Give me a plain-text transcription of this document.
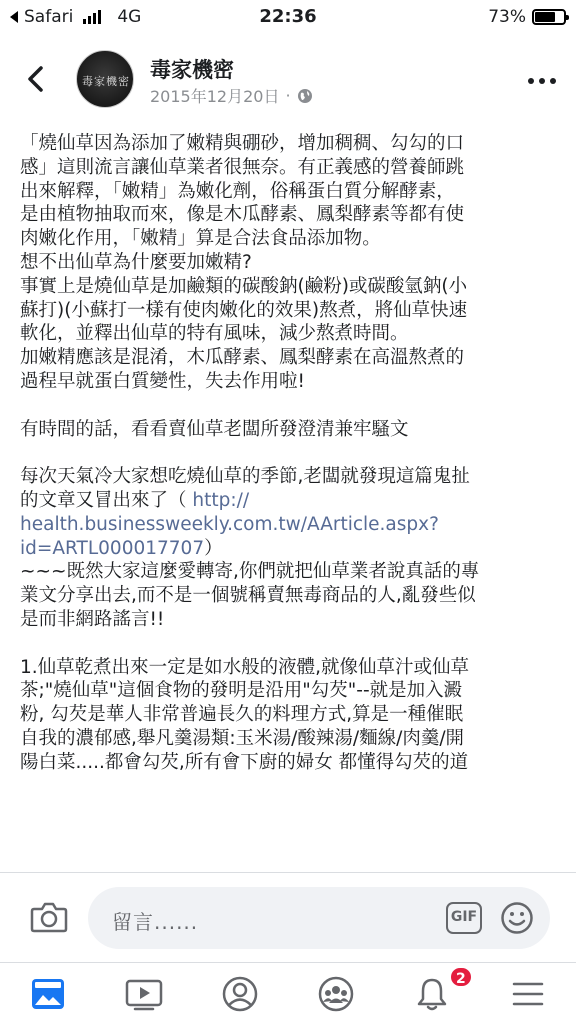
Safari	4G	22:36	73%
毒家機密 毒家機密
2015年12月20日 ·

「燒仙草因為添加了嫩精與硼砂，增加稠稠、勾勾的口

感」這則流言讓仙草業者很無奈。有正義感的營養師跳

出來解釋，「嫩精」為嫩化劑，俗稱蛋白質分解酵素，

是由植物抽取而來，像是木瓜酵素、鳳梨酵素等都有使

肉嫩化作用，「嫩精」算是合法食品添加物。

想不出仙草為什麼要加嫩精?

事實上是燒仙草是加鹼類的碳酸鈉(鹼粉)或碳酸氫鈉(小

蘇打)(小蘇打一樣有使肉嫩化的效果)熬煮，將仙草快速

軟化，並釋出仙草的特有風味，減少熬煮時間。

加嫩精應該是混淆，木瓜酵素、鳳梨酵素在高溫熬煮的

過程早就蛋白質變性，失去作用啦!

有時間的話，看看賣仙草老闆所發澄清兼牢騷文

每次天氣冷大家想吃燒仙草的季節,老闆就發現這篇鬼扯

的文章又冒出來了（ http://

health.businessweekly.com.tw/AArticle.aspx?

id=ARTL000017707）

~~~既然大家這麼愛轉寄,你們就把仙草業者說真話的專

業文分享出去,而不是一個號稱賣無毒商品的人,亂發些似

是而非網路謠言!!

1.仙草乾煮出來一定是如水般的液體,就像仙草汁或仙草

茶;"燒仙草"這個食物的發明是沿用"勾芡"--就是加入澱

粉, 勾芡是華人非常普遍長久的料理方式,算是一種催眠

自我的濃郁感,舉凡羹湯類:玉米湯/酸辣湯/麵線/肉羹/開

陽白菜.....都會勾芡,所有會下廚的婦女 都懂得勾芡的道

留言......	GIF
2
